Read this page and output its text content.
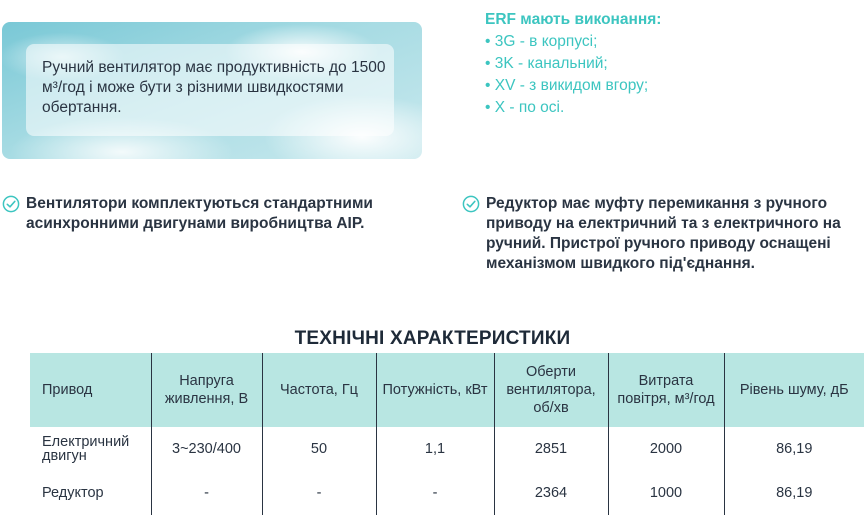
Ручний вентилятор має продуктивність до 1500 м³/год і може бути з різними швидкостями обертання.

ERF мають виконання:
• 3G - в корпусі;
• 3K - канальний;
• XV - з викидом вгору;
• X - по осі.
Вентилятори комплектуються стандартними асинхронними двигунами виробництва AIP.
Редуктор має муфту перемикання з ручного приводу на електричний та з електричного на ручний. Пристрої ручного приводу оснащені механізмом швидкого під'єднання.
ТЕХНІЧНІ ХАРАКТЕРИСТИКИ
Привод	Напруга живлення, В	Частота, Гц	Потужність, кВт	Оберти вентилятора, об/хв	Витрата повітря, м³/год	Рівень шуму, дБ
Електричний двигун	3~230/400	50	1,1	2851	2000	86,19
Редуктор	-	-	-	2364	1000	86,19
